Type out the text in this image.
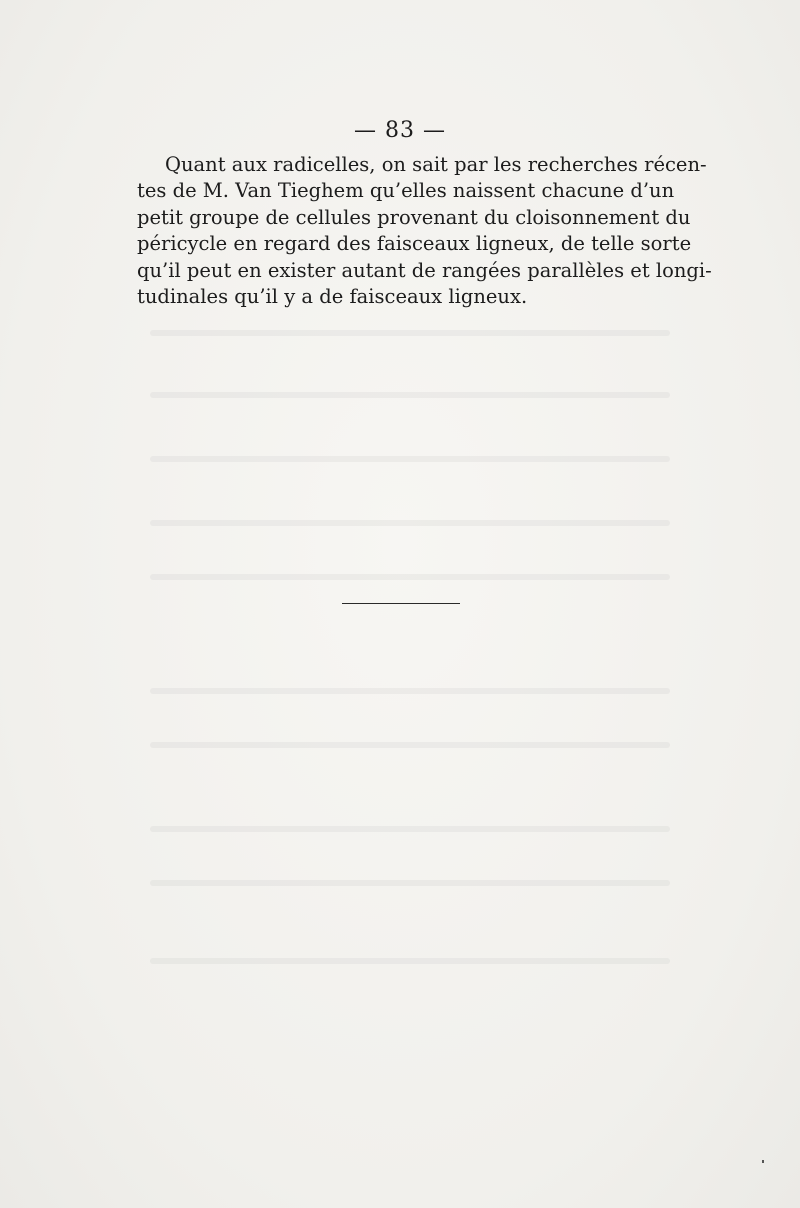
— 83 —

Quant aux radicelles, on sait par les recherches récen-
tes de M. Van Tieghem qu’elles naissent chacune d’un
petit groupe de cellules provenant du cloisonnement du
péricycle en regard des faisceaux ligneux, de telle sorte
qu’il peut en exister autant de rangées parallèles et longi-
tudinales qu’il y a de faisceaux ligneux.
